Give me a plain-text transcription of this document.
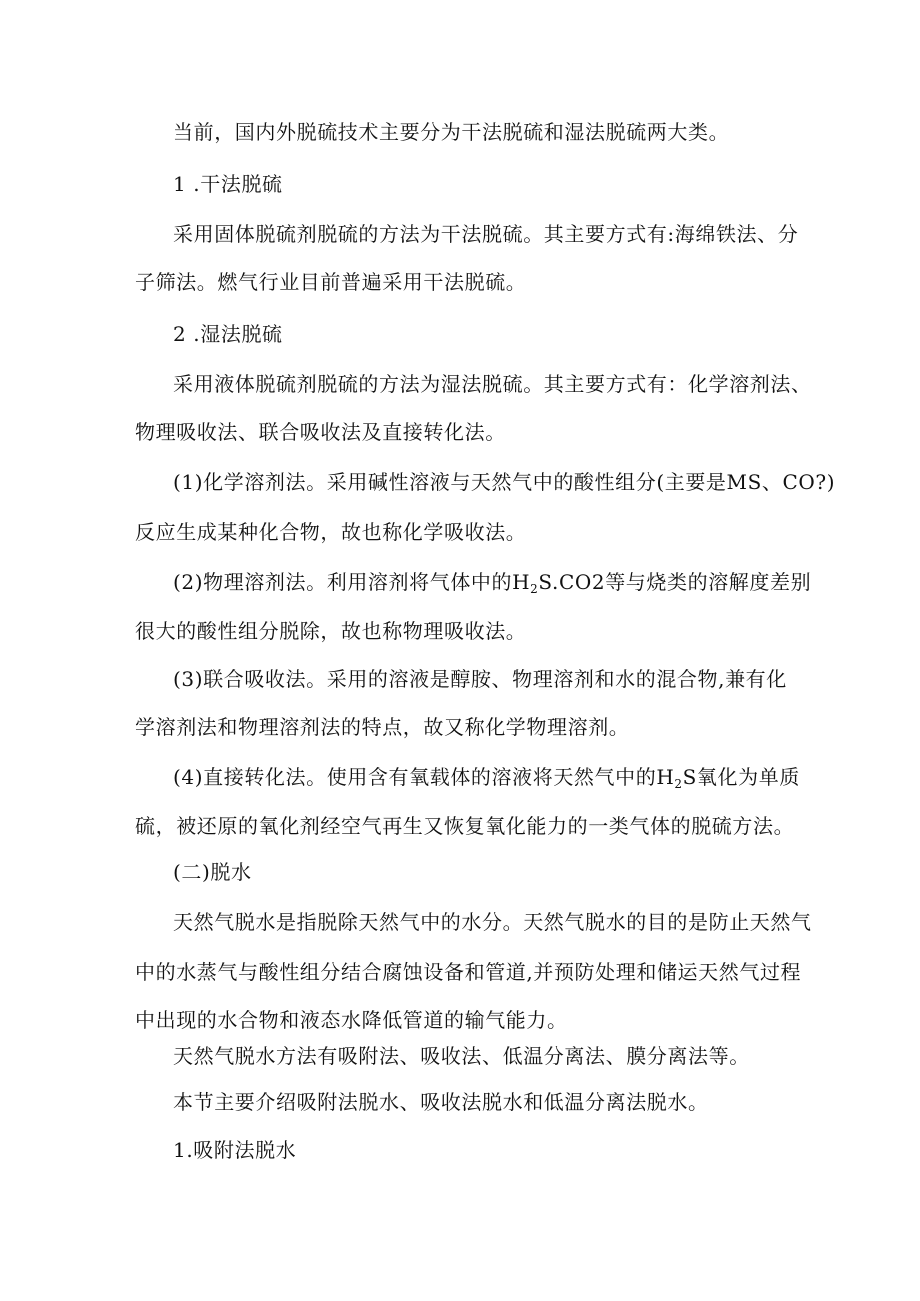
当前，国内外脱硫技术主要分为干法脱硫和湿法脱硫两大类。
1 .干法脱硫
采用固体脱硫剂脱硫的方法为干法脱硫。其主要方式有:海绵铁法、分
子筛法。燃气行业目前普遍采用干法脱硫。
2 .湿法脱硫
采用液体脱硫剂脱硫的方法为湿法脱硫。其主要方式有：化学溶剂法、
物理吸收法、联合吸收法及直接转化法。
(1)化学溶剂法。采用碱性溶液与天然气中的酸性组分(主要是MS、CO?)
反应生成某种化合物，故也称化学吸收法。
(2)物理溶剂法。利用溶剂将气体中的$H_2S.CO2$等与烧类的溶解度差别
很大的酸性组分脱除，故也称物理吸收法。
(3)联合吸收法。采用的溶液是醇胺、物理溶剂和水的混合物,兼有化
学溶剂法和物理溶剂法的特点，故又称化学物理溶剂。
(4)直接转化法。使用含有氧载体的溶液将天然气中的$H_2S$氧化为单质
硫，被还原的氧化剂经空气再生又恢复氧化能力的一类气体的脱硫方法。
(二)脱水
天然气脱水是指脱除天然气中的水分。天然气脱水的目的是防止天然气
中的水蒸气与酸性组分结合腐蚀设备和管道,并预防处理和储运天然气过程
中出现的水合物和液态水降低管道的输气能力。
天然气脱水方法有吸附法、吸收法、低温分离法、膜分离法等。
本节主要介绍吸附法脱水、吸收法脱水和低温分离法脱水。
1.吸附法脱水
